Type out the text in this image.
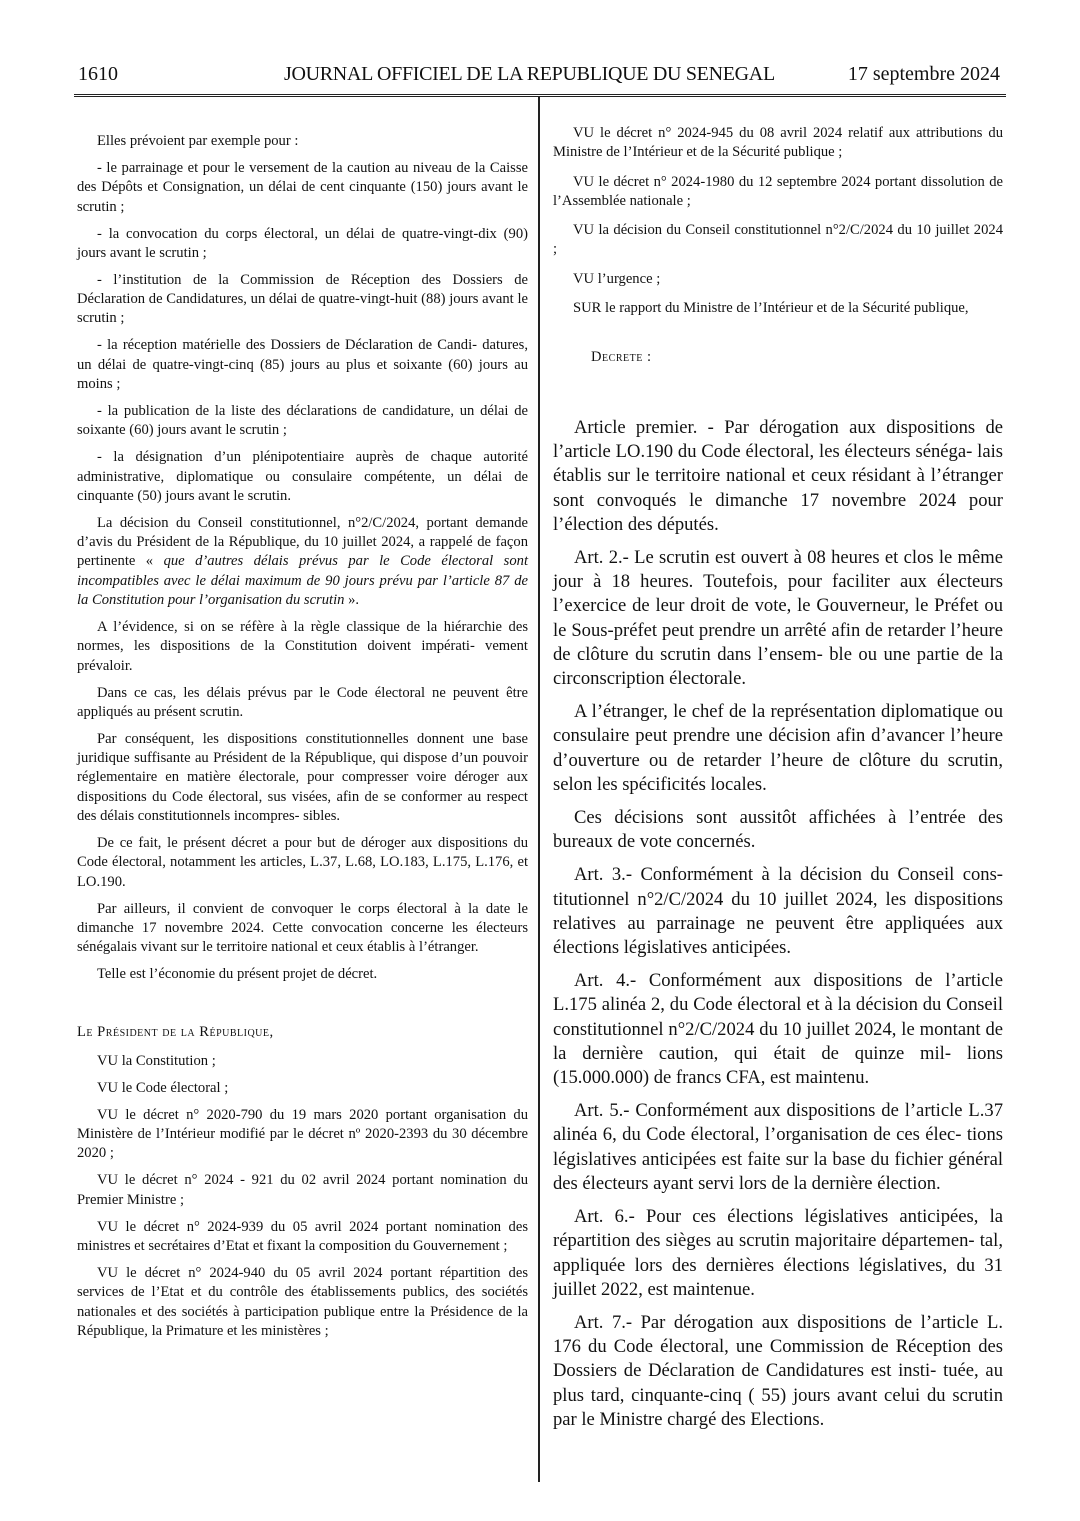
1610	JOURNAL OFFICIEL DE LA REPUBLIQUE DU SENEGAL	17 septembre 2024

Elles prévoient par exemple pour :

- le parrainage et pour le versement de la caution au niveau de la Caisse des Dépôts et Consignation, un délai de cent cinquante (150) jours avant le scrutin ;

- la convocation du corps électoral, un délai de quatre-vingt-dix (90) jours avant le scrutin ;

- l’institution de la Commission de Réception des Dossiers de Déclaration de Candidatures, un délai de quatre-vingt-huit (88) jours avant le scrutin ;

- la réception matérielle des Dossiers de Déclaration de Candi- datures, un délai de quatre-vingt-cinq (85) jours au plus et soixante (60) jours au moins ;

- la publication de la liste des déclarations de candidature, un délai de soixante (60) jours avant le scrutin ;

- la désignation d’un plénipotentiaire auprès de chaque autorité administrative, diplomatique ou consulaire compétente, un délai de cinquante (50) jours avant le scrutin.

La décision du Conseil constitutionnel, n°2/C/2024, portant demande d’avis du Président de la République, du 10 juillet 2024, a rappelé de façon pertinente « que d’autres délais prévus par le Code électoral sont incompatibles avec le délai maximum de 90 jours prévu par l’article 87 de la Constitution pour l’organisation du scrutin ».

A l’évidence, si on se réfère à la règle classique de la hiérarchie des normes, les dispositions de la Constitution doivent impérati- vement prévaloir.

Dans ce cas, les délais prévus par le Code électoral ne peuvent être appliqués au présent scrutin.

Par conséquent, les dispositions constitutionnelles donnent une base juridique suffisante au Président de la République, qui dispose d’un pouvoir réglementaire en matière électorale, pour compresser voire déroger aux dispositions du Code électoral, sus visées, afin de se conformer au respect des délais constitutionnels incompres- sibles.

De ce fait, le présent décret a pour but de déroger aux dispositions du Code électoral, notamment les articles, L.37, L.68, LO.183, L.175, L.176, et LO.190.

Par ailleurs, il convient de convoquer le corps électoral à la date le dimanche 17 novembre 2024. Cette convocation concerne les électeurs sénégalais vivant sur le territoire national et ceux établis à l’étranger.

Telle est l’économie du présent projet de décret.

Le Président de la République,

VU la Constitution ;

VU le Code électoral ;

VU le décret n° 2020-790 du 19 mars 2020 portant organisation du Ministère de l’Intérieur modifié par le décret nº 2020-2393 du 30 décembre 2020 ;

VU le décret n° 2024 - 921 du 02 avril 2024 portant nomination du Premier Ministre ;

VU le décret n° 2024-939 du 05 avril 2024 portant nomination des ministres et secrétaires d’Etat et fixant la composition du Gouvernement ;

VU le décret n° 2024-940 du 05 avril 2024 portant répartition des services de l’Etat et du contrôle des établissements publics, des sociétés nationales et des sociétés à participation publique entre la Présidence de la République, la Primature et les ministères ;

VU le décret n° 2024-945 du 08 avril 2024 relatif aux attributions du Ministre de l’Intérieur et de la Sécurité publique ;

VU le décret n° 2024-1980 du 12 septembre 2024 portant dissolution de l’Assemblée nationale ;

VU la décision du Conseil constitutionnel n°2/C/2024 du 10 juillet 2024 ;

VU l’urgence ;

SUR le rapport du Ministre de l’Intérieur et de la Sécurité publique,

Decrete :

Article premier. - Par dérogation aux dispositions de l’article LO.190 du Code électoral, les électeurs sénéga- lais établis sur le territoire national et ceux résidant à l’étranger sont convoqués le dimanche 17 novembre 2024 pour l’élection des députés.

Art. 2.- Le scrutin est ouvert à 08 heures et clos le même jour à 18 heures. Toutefois, pour faciliter aux électeurs l’exercice de leur droit de vote, le Gouverneur, le Préfet ou le Sous-préfet peut prendre un arrêté afin de retarder l’heure de clôture du scrutin dans l’ensem- ble ou une partie de la circonscription électorale.

A l’étranger, le chef de la représentation diplomatique ou consulaire peut prendre une décision afin d’avancer l’heure d’ouverture ou de retarder l’heure de clôture du scrutin, selon les spécificités locales.

Ces décisions sont aussitôt affichées à l’entrée des bureaux de vote concernés.

Art. 3.- Conformément à la décision du Conseil cons- titutionnel n°2/C/2024 du 10 juillet 2024, les dispositions relatives au parrainage ne peuvent être appliquées aux élections législatives anticipées.

Art. 4.- Conformément aux dispositions de l’article L.175 alinéa 2, du Code électoral et à la décision du Conseil constitutionnel n°2/C/2024 du 10 juillet 2024, le montant de la dernière caution, qui était de quinze mil- lions (15.000.000) de francs CFA, est maintenu.

Art. 5.- Conformément aux dispositions de l’article L.37 alinéa 6, du Code électoral, l’organisation de ces élec- tions législatives anticipées est faite sur la base du fichier général des électeurs ayant servi lors de la dernière élection.

Art. 6.- Pour ces élections législatives anticipées, la répartition des sièges au scrutin majoritaire départemen- tal, appliquée lors des dernières élections législatives, du 31 juillet 2022, est maintenue.

Art. 7.- Par dérogation aux dispositions de l’article L. 176 du Code électoral, une Commission de Réception des Dossiers de Déclaration de Candidatures est insti- tuée, au plus tard, cinquante-cinq ( 55) jours avant celui du scrutin par le Ministre chargé des Elections.
